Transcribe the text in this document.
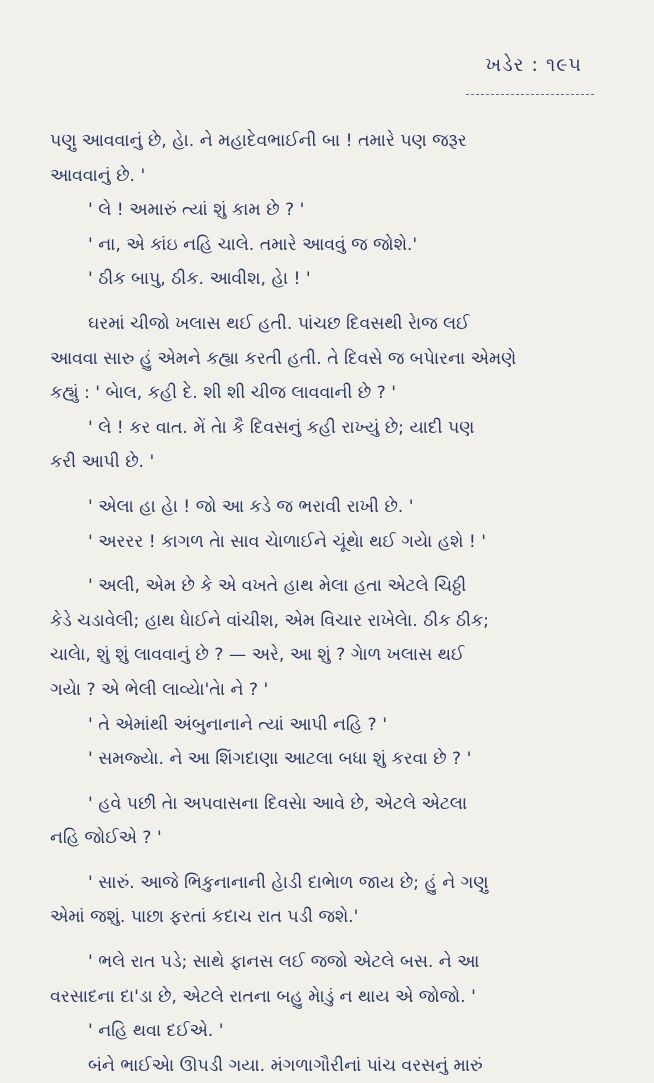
ખડેર : ૧૯૫
પણુ આવવાનું છે, હેા. ને મહાદેવભાઈની બા ! તમારે પણ જરૂર
આવવાનું છે. '
' લે ! અમારું ત્યાં શું કામ છે ? '
' ના, એ કાંઇ નહિ ચાલે. તમારે આવવું જ જોશે.'
' ઠીક બાપુ, ઠીક. આવીશ, હેા ! '
ઘરમાં ચીજો ખલાસ થઈ હતી. પાંચછ દિવસથી રેાજ લઈ
આવવા સારુ હું એમને કહ્યા કરતી હતી. તે દિવસે જ બપેારના એમણે
કહ્યું : ' બેાલ, કહી દે. શી શી ચીજ લાવવાની છે ? '
' લે ! કર વાત. મેં તેા કૈ દિવસનું કહી રાખ્યું છે; યાદી પણ
કરી આપી છે. '
' એલા હા હેા ! જો આ કડે જ ભરાવી રાખી છે. '
' અરરર ! કાગળ તેા સાવ ચેાળાઈને ચૂંથેા થઈ ગયેા હશે ! '
' અલી, એમ છે કે એ વખતે હાથ મેલા હતા એટલે ચિઠ્ઠી
કેડે ચડાવેલી; હાથ ધેાઈને વાંચીશ, એમ વિચાર રાખેલેા. ઠીક ઠીક;
ચાલેા, શું શું લાવવાનું છે ? — અરે, આ શું ? ગેાળ ખલાસ થઈ
ગયેા ? એ ભેલી લાવ્યેા'તેા ને ? '
' તે એમાંથી અંબુનાનાને ત્યાં આપી નહિ ? '
' સમજ્યેા. ને આ શિંગદાણા આટલા બધા શું કરવા છે ? '
' હવે પછી તેા અપવાસના દિવસેા આવે છે, એટલે એટલા
નહિ જોઈએ ? '
' સારું. આજે ભિકુનાનાની હેાડી દાભેાળ જાય છે; હું ને ગણુ
એમાં જશું. પાછા ફરતાં કદાચ રાત પડી જશે.'
' ભલે રાત પડે; સાથે ફાનસ લઈ જજો એટલે બસ. ને આ
વરસાદના દા'ડા છે, એટલે રાતના બહુ મેાડું ન થાય એ જોજો. '
' નહિ થવા દઈએ. '
બંને ભાઈએા ઊપડી ગયા. મંગળાગૌરીનાં પાંચ વરસનું મારું
